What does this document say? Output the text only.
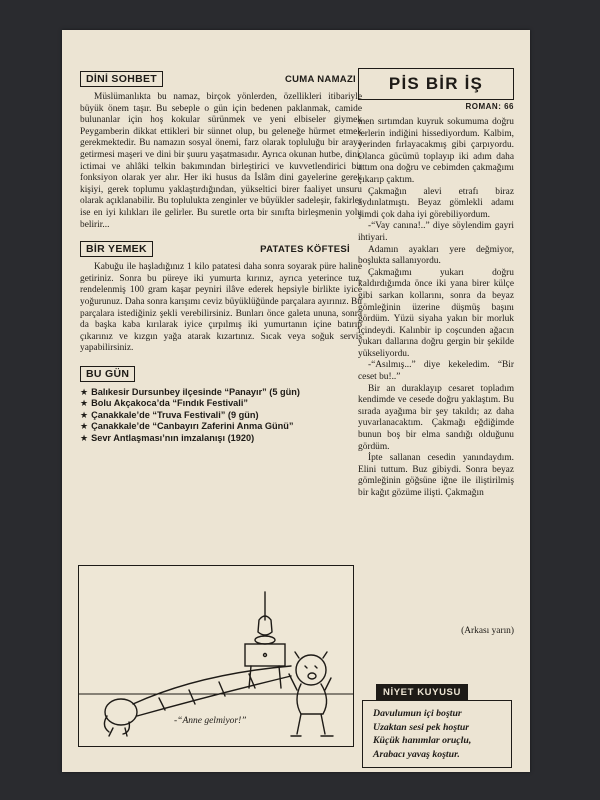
DİNİ SOHBET	CUMA NAMAZI

Müslümanlıkta bu namaz, birçok yönlerden, özellikleri itibariyle büyük önem taşır. Bu sebeple o gün için bedenen paklanmak, camide bulunanlar için hoş kokular sürünmek ve yeni elbiseler giymek Peygamberin dikkat ettikleri bir sünnet olup, bu geleneğe hürmet etmek gerekmektedir. Bu namazın sosyal önemi, farz olarak topluluğu bir araya getirmesi maşeri ve dini bir şuuru yaşatmasıdır. Ayrıca okunan hutbe, dini, ictimai ve ahlâki telkin bakımından birleştirici ve kuvvetlendirici bir fonksiyon olarak yer alır. Her iki husus da İslâm dini gayelerine gerek kişiyi, gerek toplumu yaklaştırdığından, yükseltici birer faaliyet unsuru olarak açıklanabilir. Bu toplulukta zenginler ve büyükler sadeleşir, fakirler ise en iyi kılıkları ile gelirler. Bu suretle orta bir sınıfta birleşmenin yolu belirir...

BİR YEMEK	PATATES KÖFTESİ

Kabuğu ile haşladığınız 1 kilo patatesi daha sonra soyarak püre haline getiriniz. Sonra bu püreye iki yumurta kırınız, ayrıca yeterince tuz, rendelenmiş 100 gram kaşar peyniri ilâve ederek hepsiyle birlikte iyice yoğurunuz. Daha sonra karışımı ceviz büyüklüğünde parçalara ayırınız. Bu parçalara istediğiniz şekli verebilirsiniz. Bunları önce galeta ununa, sonra da başka kaba kırılarak iyice çırpılmış iki yumurtanın içine batırıp çıkarınız ve kızgın yağa atarak kızartınız. Sıcak veya soğuk servis yapabilirsiniz.

BU GÜN
★ Balıkesir Dursunbey ilçesinde “Panayır” (5 gün)
★ Bolu Akçakoca’da “Fındık Festivali”
★ Çanakkale’de “Truva Festivali” (9 gün)
★ Çanakkale’de “Canbayırı Zaferini Anma Günü”
★ Sevr Antlaşması’nın imzalanışı (1920)
-“Anne gelmiyor!”
PİS BİR İŞ
ROMAN: 66

men sırtımdan kuyruk sokumuma doğru terlerin indiğini hissediyordum. Kalbim, yerinden fırlayacakmış gibi çarpıyordu. Olanca gücümü toplayıp iki adım daha attım ona doğru ve cebimden çakmağımı çıkarıp çaktım.

Çakmağın alevi etrafı biraz aydınlatmıştı. Beyaz gömlekli adamı şimdi çok daha iyi görebiliyordum.

-“Vay canına!..” diye söylendim gayri ihtiyari.

Adamın ayakları yere değmiyor, boşlukta sallanıyordu.

Çakmağımı yukarı doğru kaldırdığımda önce iki yana birer külçe gibi sarkan kollarını, sonra da beyaz gömleğinin üzerine düşmüş başını gördüm. Yüzü siyaha yakın bir morluk içindeydi. Kalınbir ip coşcunden ağacın yukarı dallarına doğru gergin bir şekilde yükseliyordu.

-“Asılmış...” diye kekeledim. “Bir ceset bu!..”

Bir an duraklayıp cesaret topladım kendimde ve cesede doğru yaklaştım. Bu sırada ayağıma bir şey takıldı; az daha yuvarlanacaktım. Çakmağı eğdiğimde bunun boş bir elma sandığı olduğunu gördüm.

İpte sallanan cesedin yanındaydım. Elini tuttum. Buz gibiydi. Sonra beyaz gömleğinin göğsüne iğne ile iliştirilmiş bir kağıt gözüme ilişti. Çakmağın

(Arkası yarın)
Davulumun içi boştur
Uzaktan sesi pek hoştur
Küçük hanımlar oruçlu,
Arabacı yavaş koştur.
NİYET KUYUSU
